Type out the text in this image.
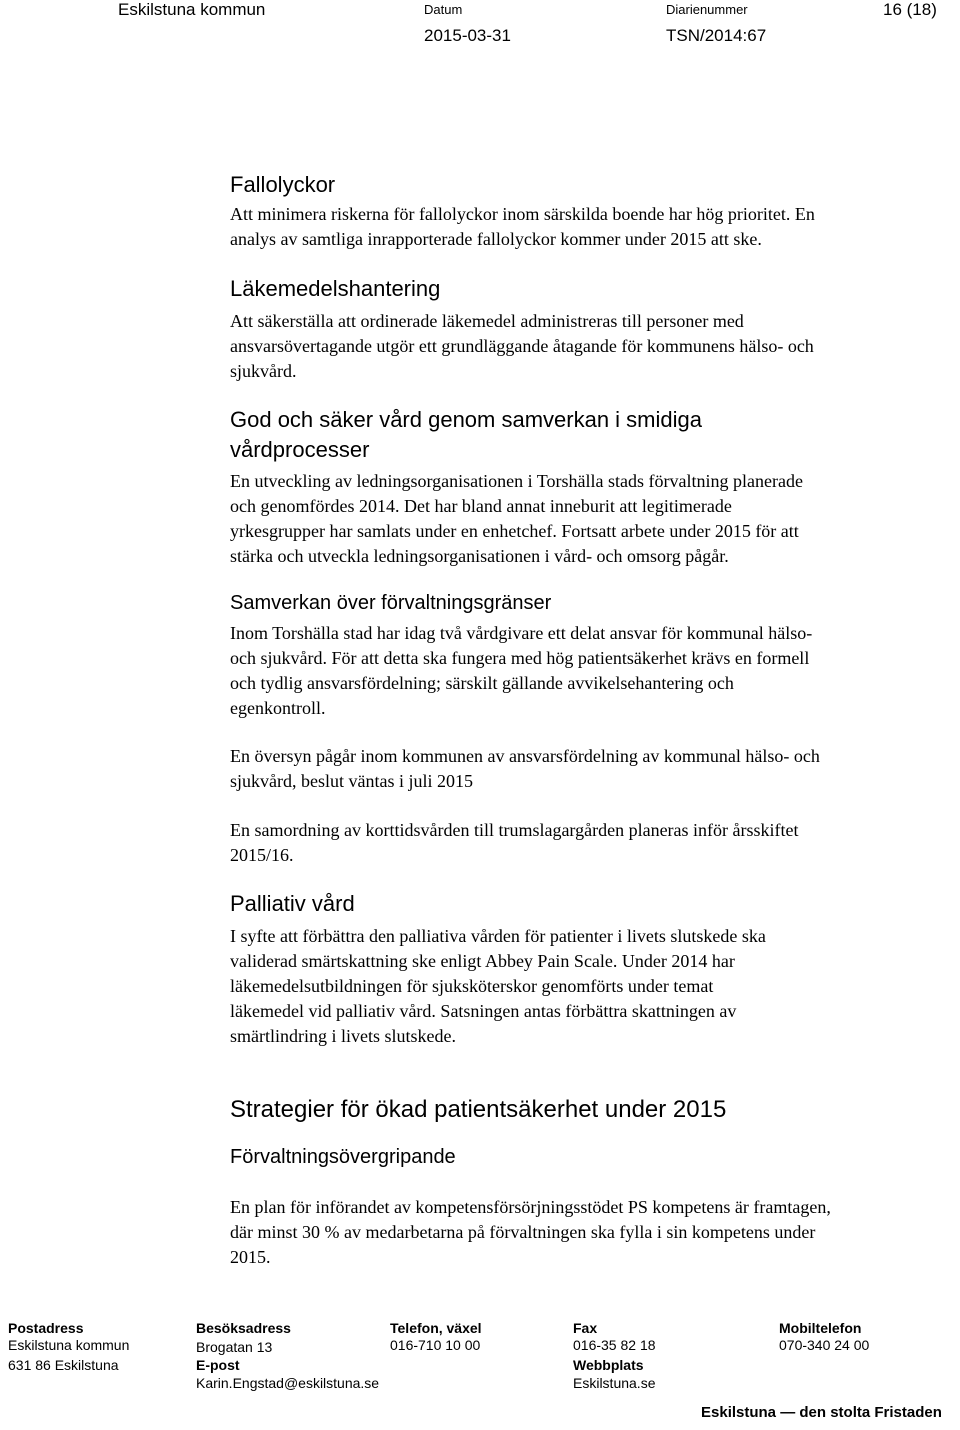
Eskilstuna kommun	Datum
2015-03-31
Diarienummer
TSN/2014:67
16 (18)
Fallolyckor
Att minimera riskerna för fallolyckor inom särskilda boende har hög prioritet. En
analys av samtliga inrapporterade fallolyckor kommer under 2015 att ske.
Läkemedelshantering
Att säkerställa att ordinerade läkemedel administreras till personer med
ansvarsövertagande utgör ett grundläggande åtagande för kommunens hälso- och
sjukvård.
God och säker vård genom samverkan i smidiga
vårdprocesser
En utveckling av ledningsorganisationen i Torshälla stads förvaltning planerade
och genomfördes 2014. Det har bland annat inneburit att legitimerade
yrkesgrupper har samlats under en enhetchef. Fortsatt arbete under 2015 för att
stärka och utveckla ledningsorganisationen i vård- och omsorg pågår.
Samverkan över förvaltningsgränser
Inom Torshälla stad har idag två vårdgivare ett delat ansvar för kommunal hälso-
och sjukvård. För att detta ska fungera med hög patientsäkerhet krävs en formell
och tydlig ansvarsfördelning; särskilt gällande avvikelsehantering och
egenkontroll.
En översyn pågår inom kommunen av ansvarsfördelning av kommunal hälso- och
sjukvård, beslut väntas i juli 2015
En samordning av korttidsvården till trumslagargården planeras inför årsskiftet
2015/16.
Palliativ vård
I syfte att förbättra den palliativa vården för patienter i livets slutskede ska
validerad smärtskattning ske enligt Abbey Pain Scale. Under 2014 har
läkemedelsutbildningen för sjuksköterskor genomförts under temat
läkemedel vid palliativ vård. Satsningen antas förbättra skattningen av
smärtlindring i livets slutskede.
Strategier för ökad patientsäkerhet under 2015
Förvaltningsövergripande
En plan för införandet av kompetensförsörjningsstödet PS kompetens är framtagen,
där minst 30 % av medarbetarna på förvaltningen ska fylla i sin kompetens under
2015.
Postadress
Eskilstuna kommun
631 86 Eskilstuna
Besöksadress
Brogatan 13
E-post
Karin.Engstad@eskilstuna.se
Telefon, växel
016-710 10 00
Fax
016-35 82 18
Webbplats
Eskilstuna.se
Mobiltelefon
070-340 24 00
Eskilstuna — den stolta Fristaden
